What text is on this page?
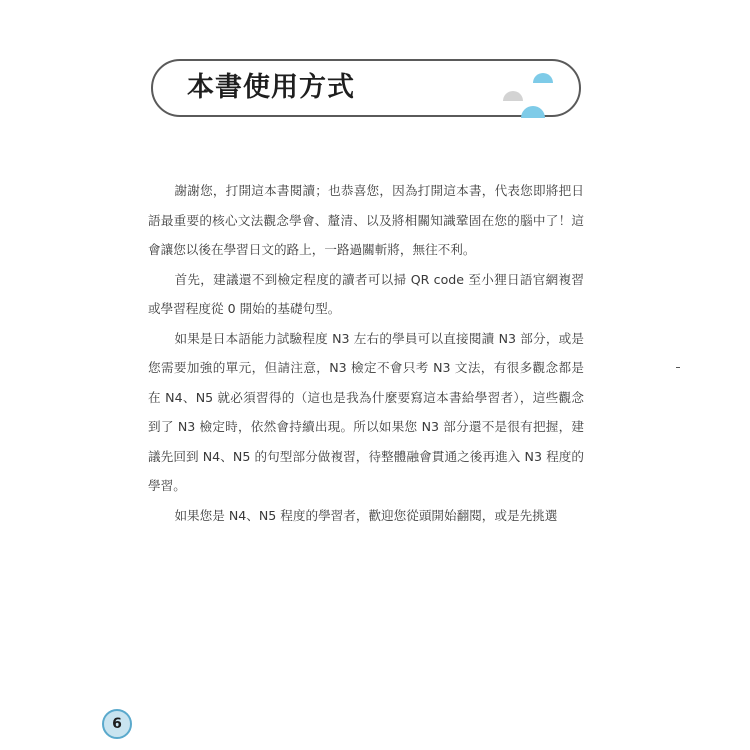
本書使用方式

謝謝您，打開這本書閱讀；也恭喜您，因為打開這本書，代表您即將把日語最重要的核心文法觀念學會、釐清、以及將相關知識鞏固在您的腦中了！這會讓您以後在學習日文的路上，一路過關斬將，無往不利。

首先，建議還不到檢定程度的讀者可以掃 QR code 至小狸日語官網複習或學習程度從 0 開始的基礎句型。

如果是日本語能力試驗程度 N3 左右的學員可以直接閱讀 N3 部分，或是您需要加強的單元，但請注意，N3 檢定不會只考 N3 文法，有很多觀念都是在 N4、N5 就必須習得的（這也是我為什麼要寫這本書給學習者），這些觀念到了 N3 檢定時，依然會持續出現。所以如果您 N3 部分還不是很有把握，建議先回到 N4、N5 的句型部分做複習，待整體融會貫通之後再進入 N3 程度的學習。

如果您是 N4、N5 程度的學習者，歡迎您從頭開始翻閱，或是先挑選

6
